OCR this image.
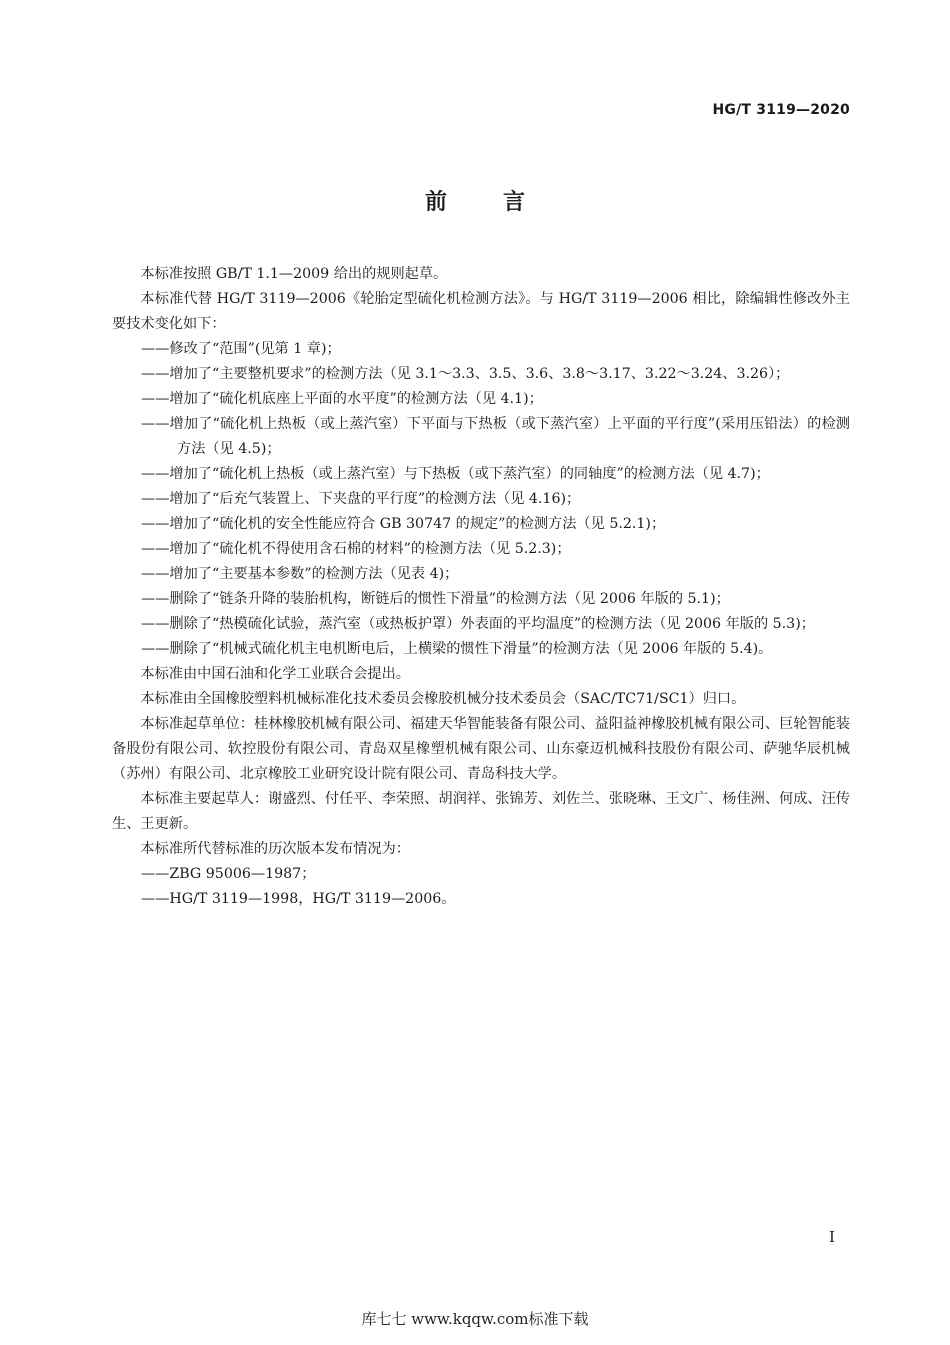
HG/T 3119—2020
前言

本标准按照 GB/T 1.1—2009 给出的规则起草。

本标准代替 HG/T 3119—2006《轮胎定型硫化机检测方法》。与 HG/T 3119—2006 相比，除编辑性修改外主要技术变化如下：

——修改了“范围”(见第 1 章)；

——增加了“主要整机要求”的检测方法（见 3.1～3.3、3.5、3.6、3.8～3.17、3.22～3.24、3.26）；

——增加了“硫化机底座上平面的水平度”的检测方法（见 4.1)；

——增加了“硫化机上热板（或上蒸汽室）下平面与下热板（或下蒸汽室）上平面的平行度”(采用压铅法）的检测方法（见 4.5)；

——增加了“硫化机上热板（或上蒸汽室）与下热板（或下蒸汽室）的同轴度”的检测方法（见 4.7)；

——增加了“后充气装置上、下夹盘的平行度”的检测方法（见 4.16)；

——增加了“硫化机的安全性能应符合 GB 30747 的规定”的检测方法（见 5.2.1)；

——增加了“硫化机不得使用含石棉的材料”的检测方法（见 5.2.3)；

——增加了“主要基本参数”的检测方法（见表 4)；

——删除了“链条升降的装胎机构，断链后的惯性下滑量”的检测方法（见 2006 年版的 5.1)；

——删除了“热模硫化试验，蒸汽室（或热板护罩）外表面的平均温度”的检测方法（见 2006 年版的 5.3)；

——删除了“机械式硫化机主电机断电后，上横梁的惯性下滑量”的检测方法（见 2006 年版的 5.4)。

本标准由中国石油和化学工业联合会提出。

本标准由全国橡胶塑料机械标准化技术委员会橡胶机械分技术委员会（SAC/TC71/SC1）归口。

本标准起草单位：桂林橡胶机械有限公司、福建天华智能装备有限公司、益阳益神橡胶机械有限公司、巨轮智能装备股份有限公司、软控股份有限公司、青岛双星橡塑机械有限公司、山东豪迈机械科技股份有限公司、萨驰华辰机械（苏州）有限公司、北京橡胶工业研究设计院有限公司、青岛科技大学。

本标准主要起草人：谢盛烈、付任平、李荣照、胡润祥、张锦芳、刘佐兰、张晓琳、王文广、杨佳洲、何成、汪传生、王更新。

本标准所代替标准的历次版本发布情况为：

——ZBG 95006—1987；

——HG/T 3119—1998，HG/T 3119—2006。

I
库七七 www.kqqw.com标准下载
